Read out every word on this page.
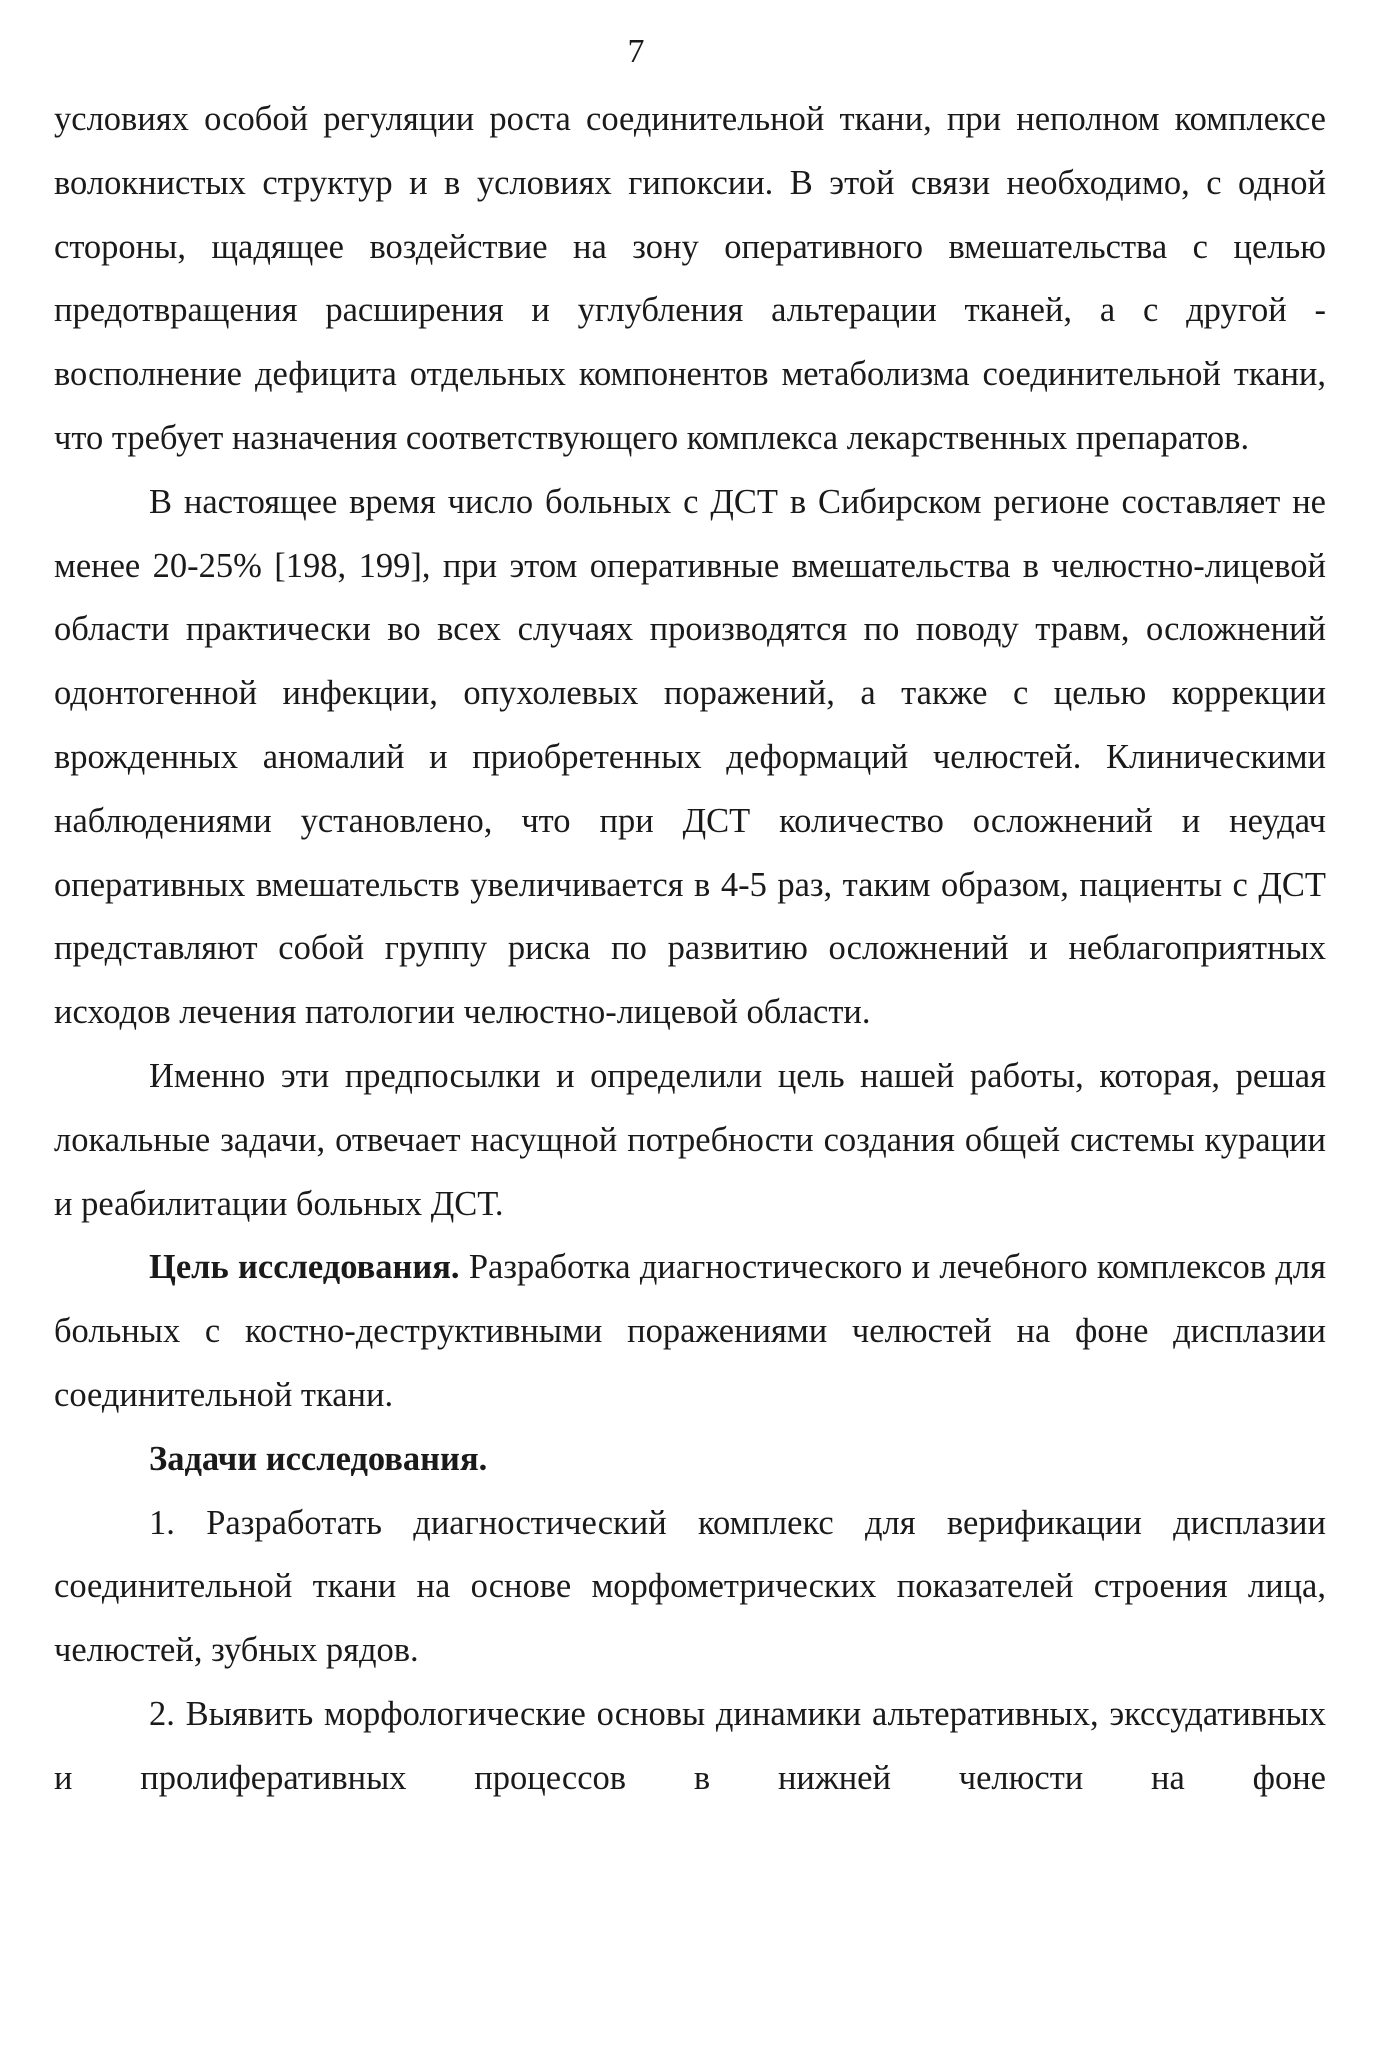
7

условиях особой регуляции роста соединительной ткани, при неполном комплексе волокнистых структур и в условиях гипоксии. В этой связи необходимо, с одной стороны, щадящее воздействие на зону оперативного вмешательства с целью предотвращения расширения и углубления альтерации тканей, а с другой - восполнение дефицита отдельных компонентов метаболизма соединительной ткани, что требует назначения соответствующего комплекса лекарственных препаратов.

В настоящее время число больных с ДСТ в Сибирском регионе составляет не менее 20-25% [198, 199], при этом оперативные вмешательства в челюстно-лицевой области практически во всех случаях производятся по поводу травм, осложнений одонтогенной инфекции, опухолевых поражений, а также с целью коррекции врожденных аномалий и приобретенных деформаций челюстей. Клиническими наблюдениями установлено, что при ДСТ количество осложнений и неудач оперативных вмешательств увеличивается в 4-5 раз, таким образом, пациенты с ДСТ представляют собой группу риска по развитию осложнений и неблагоприятных исходов лечения патологии челюстно-лицевой области.

Именно эти предпосылки и определили цель нашей работы, которая, решая локальные задачи, отвечает насущной потребности создания общей системы курации и реабилитации больных ДСТ.

Цель исследования. Разработка диагностического и лечебного комплексов для больных с костно-деструктивными поражениями челюстей на фоне дисплазии соединительной ткани.

Задачи исследования.

1. Разработать диагностический комплекс для верификации дисплазии соединительной ткани на основе морфометрических показателей строения лица, челюстей, зубных рядов.

2. Выявить морфологические основы динамики альтеративных, экссудативных и пролиферативных процессов в нижней челюсти на фоне
